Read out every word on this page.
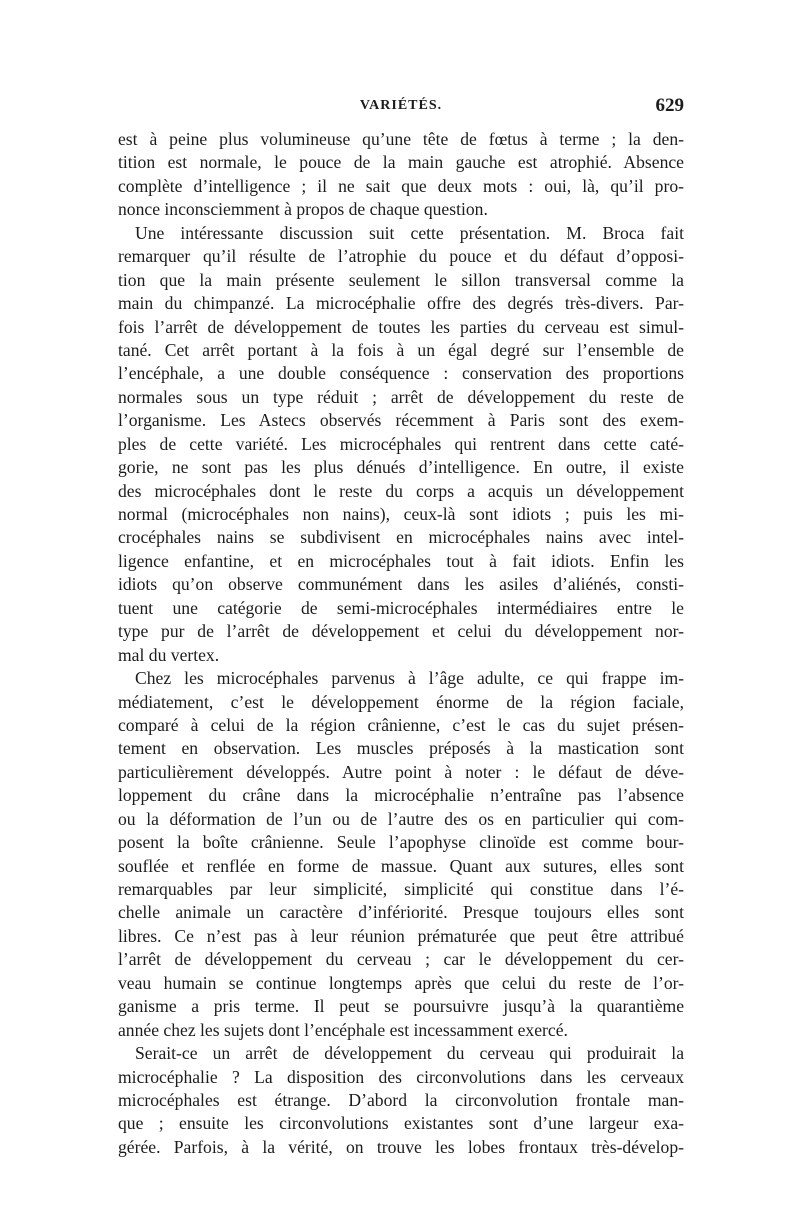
VARIÉTÉS.	629
est à peine plus volumineuse qu’une tête de fœtus à terme ; la den-
tition est normale, le pouce de la main gauche est atrophié. Absence
complète d’intelligence ; il ne sait que deux mots : oui, là, qu’il pro-
nonce inconsciemment à propos de chaque question.
Une intéressante discussion suit cette présentation. M. Broca fait
remarquer qu’il résulte de l’atrophie du pouce et du défaut d’opposi-
tion que la main présente seulement le sillon transversal comme la
main du chimpanzé. La microcéphalie offre des degrés très-divers. Par-
fois l’arrêt de développement de toutes les parties du cerveau est simul-
tané. Cet arrêt portant à la fois à un égal degré sur l’ensemble de
l’encéphale, a une double conséquence : conservation des proportions
normales sous un type réduit ; arrêt de développement du reste de
l’organisme. Les Astecs observés récemment à Paris sont des exem-
ples de cette variété. Les microcéphales qui rentrent dans cette caté-
gorie, ne sont pas les plus dénués d’intelligence. En outre, il existe
des microcéphales dont le reste du corps a acquis un développement
normal (microcéphales non nains), ceux-là sont idiots ; puis les mi-
crocéphales nains se subdivisent en microcéphales nains avec intel-
ligence enfantine, et en microcéphales tout à fait idiots. Enfin les
idiots qu’on observe communément dans les asiles d’aliénés, consti-
tuent une catégorie de semi-microcéphales intermédiaires entre le
type pur de l’arrêt de développement et celui du développement nor-
mal du vertex.
Chez les microcéphales parvenus à l’âge adulte, ce qui frappe im-
médiatement, c’est le développement énorme de la région faciale,
comparé à celui de la région crânienne, c’est le cas du sujet présen-
tement en observation. Les muscles préposés à la mastication sont
particulièrement développés. Autre point à noter : le défaut de déve-
loppement du crâne dans la microcéphalie n’entraîne pas l’absence
ou la déformation de l’un ou de l’autre des os en particulier qui com-
posent la boîte crânienne. Seule l’apophyse clinoïde est comme bour-
souflée et renflée en forme de massue. Quant aux sutures, elles sont
remarquables par leur simplicité, simplicité qui constitue dans l’é-
chelle animale un caractère d’infériorité. Presque toujours elles sont
libres. Ce n’est pas à leur réunion prématurée que peut être attribué
l’arrêt de développement du cerveau ; car le développement du cer-
veau humain se continue longtemps après que celui du reste de l’or-
ganisme a pris terme. Il peut se poursuivre jusqu’à la quarantième
année chez les sujets dont l’encéphale est incessamment exercé.
Serait-ce un arrêt de développement du cerveau qui produirait la
microcéphalie ? La disposition des circonvolutions dans les cerveaux
microcéphales est étrange. D’abord la circonvolution frontale man-
que ; ensuite les circonvolutions existantes sont d’une largeur exa-
gérée. Parfois, à la vérité, on trouve les lobes frontaux très-dévelop-
